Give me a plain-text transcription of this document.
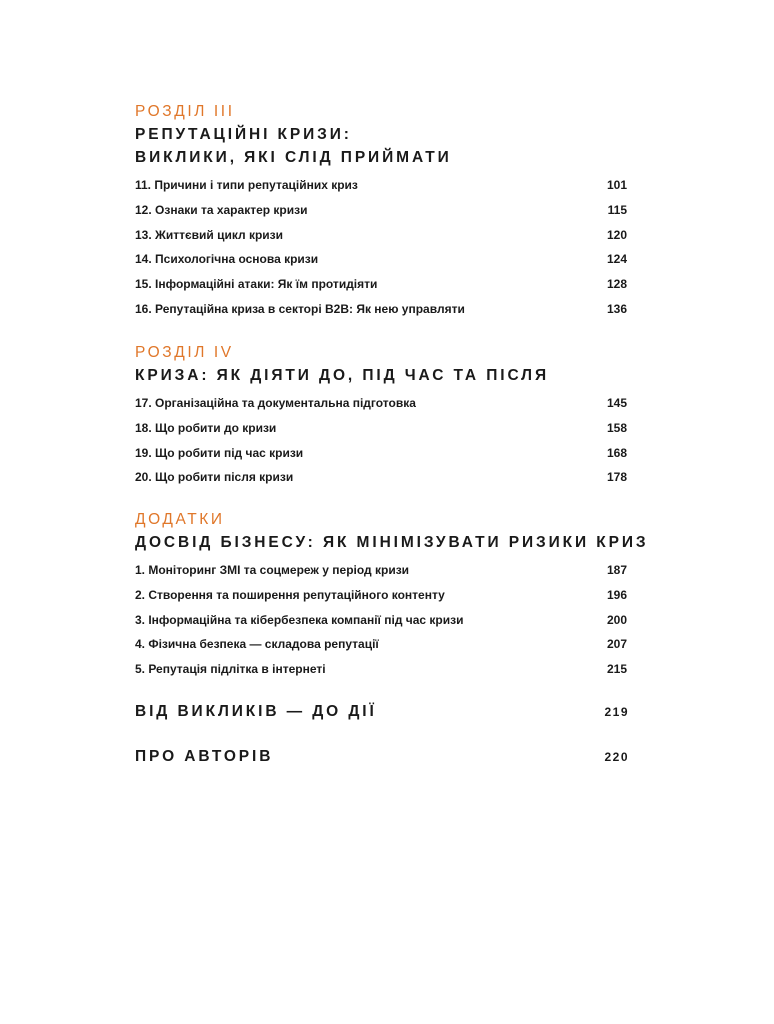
РОЗДІЛ III
РЕПУТАЦІЙНІ КРИЗИ:
ВИКЛИКИ, ЯКІ СЛІД ПРИЙМАТИ
11. Причини і типи репутаційних криз	101
12. Ознаки та характер кризи	115
13. Життєвий цикл кризи	120
14. Психологічна основа кризи	124
15. Інформаційні атаки: Як їм протидіяти	128
16. Репутаційна криза в секторі B2B: Як нею управляти	136
РОЗДІЛ IV
КРИЗА: ЯК ДІЯТИ ДО, ПІД ЧАС ТА ПІСЛЯ
17. Організаційна та документальна підготовка	145
18. Що робити до кризи	158
19. Що робити під час кризи	168
20. Що робити після кризи	178
ДОДАТКИ
ДОСВІД БІЗНЕСУ: ЯК МІНІМІЗУВАТИ РИЗИКИ КРИЗ
1. Моніторинг ЗМІ та соцмереж у період кризи	187
2. Створення та поширення репутаційного контенту	196
3. Інформаційна та кібербезпека компанії під час кризи	200
4. Фізична безпека — складова репутації	207
5. Репутація підлітка в інтернеті	215
ВІД ВИКЛИКІВ — ДО ДІЇ	219
ПРО АВТОРІВ	220
